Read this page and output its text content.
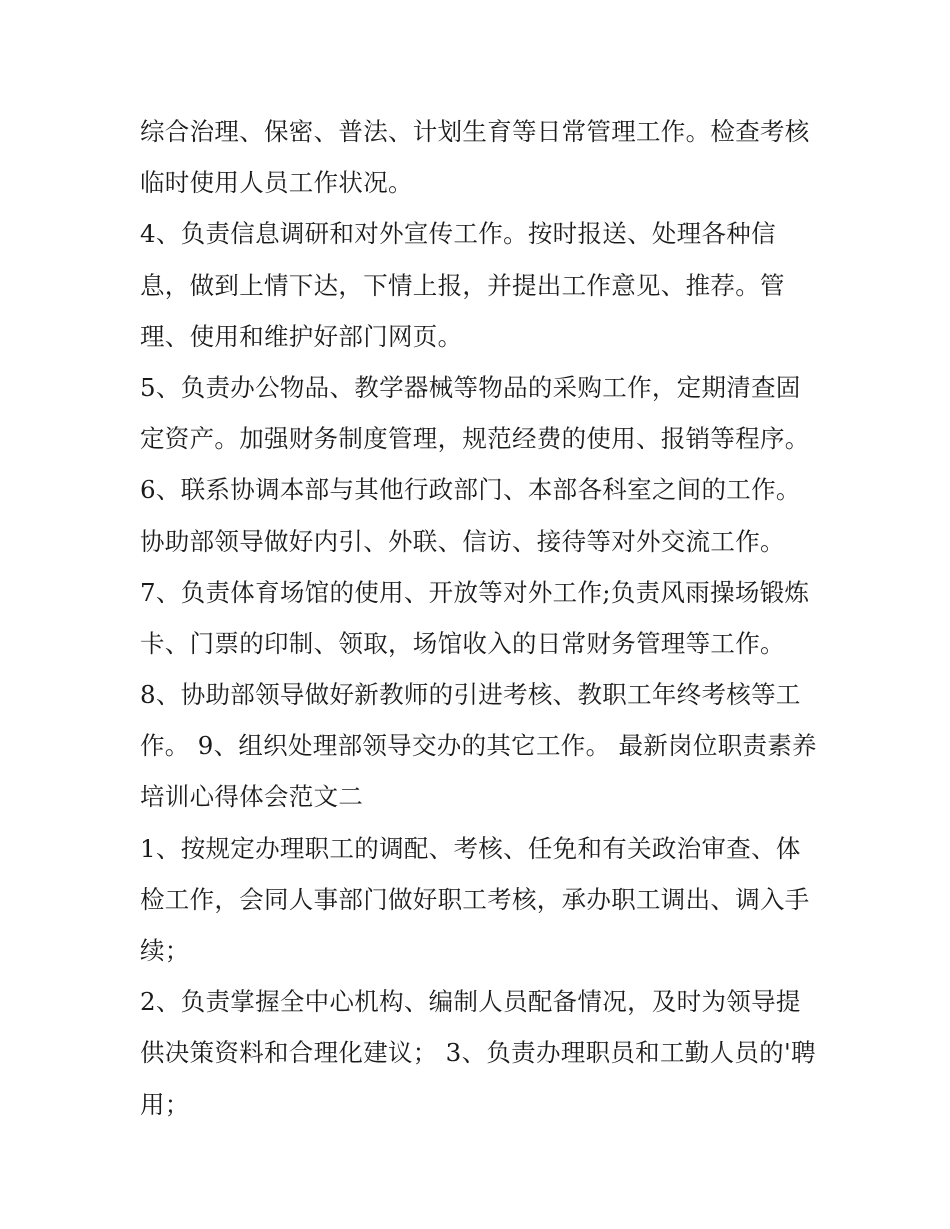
综合治理、保密、普法、计划生育等日常管理工作。检查考核
临时使用人员工作状况。
4、负责信息调研和对外宣传工作。按时报送、处理各种信
息，做到上情下达，下情上报，并提出工作意见、推荐。管
理、使用和维护好部门网页。
5、负责办公物品、教学器械等物品的采购工作，定期清查固
定资产。加强财务制度管理，规范经费的使用、报销等程序。
6、联系协调本部与其他行政部门、本部各科室之间的工作。
协助部领导做好内引、外联、信访、接待等对外交流工作。
7、负责体育场馆的使用、开放等对外工作;负责风雨操场锻炼
卡、门票的印制、领取，场馆收入的日常财务管理等工作。
8、协助部领导做好新教师的引进考核、教职工年终考核等工
作。 9、组织处理部领导交办的其它工作。 最新岗位职责素养
培训心得体会范文二
1、按规定办理职工的调配、考核、任免和有关政治审查、体
检工作，会同人事部门做好职工考核，承办职工调出、调入手
续；
2、负责掌握全中心机构、编制人员配备情况，及时为领导提
供决策资料和合理化建议； 3、负责办理职员和工勤人员的'聘
用；
